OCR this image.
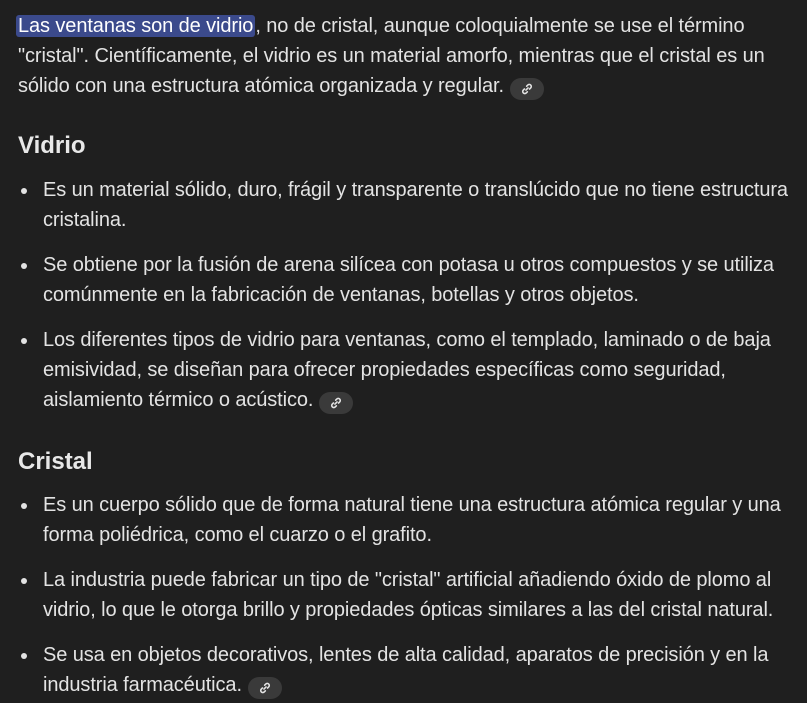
Las ventanas son de vidrio , no de cristal, aunque coloquialmente se use el término "cristal". Científicamente, el vidrio es un material amorfo, mientras que el cristal es un sólido con una estructura atómica organizada y regular.

Vidrio
Es un material sólido, duro, frágil y transparente o translúcido que no tiene estructura cristalina.
Se obtiene por la fusión de arena silícea con potasa u otros compuestos y se utiliza comúnmente en la fabricación de ventanas, botellas y otros objetos.
Los diferentes tipos de vidrio para ventanas, como el templado, laminado o de baja emisividad, se diseñan para ofrecer propiedades específicas como seguridad, aislamiento térmico o acústico.
Cristal
Es un cuerpo sólido que de forma natural tiene una estructura atómica regular y una forma poliédrica, como el cuarzo o el grafito.
La industria puede fabricar un tipo de "cristal" artificial añadiendo óxido de plomo al vidrio, lo que le otorga brillo y propiedades ópticas similares a las del cristal natural.
Se usa en objetos decorativos, lentes de alta calidad, aparatos de precisión y en la industria farmacéutica.
